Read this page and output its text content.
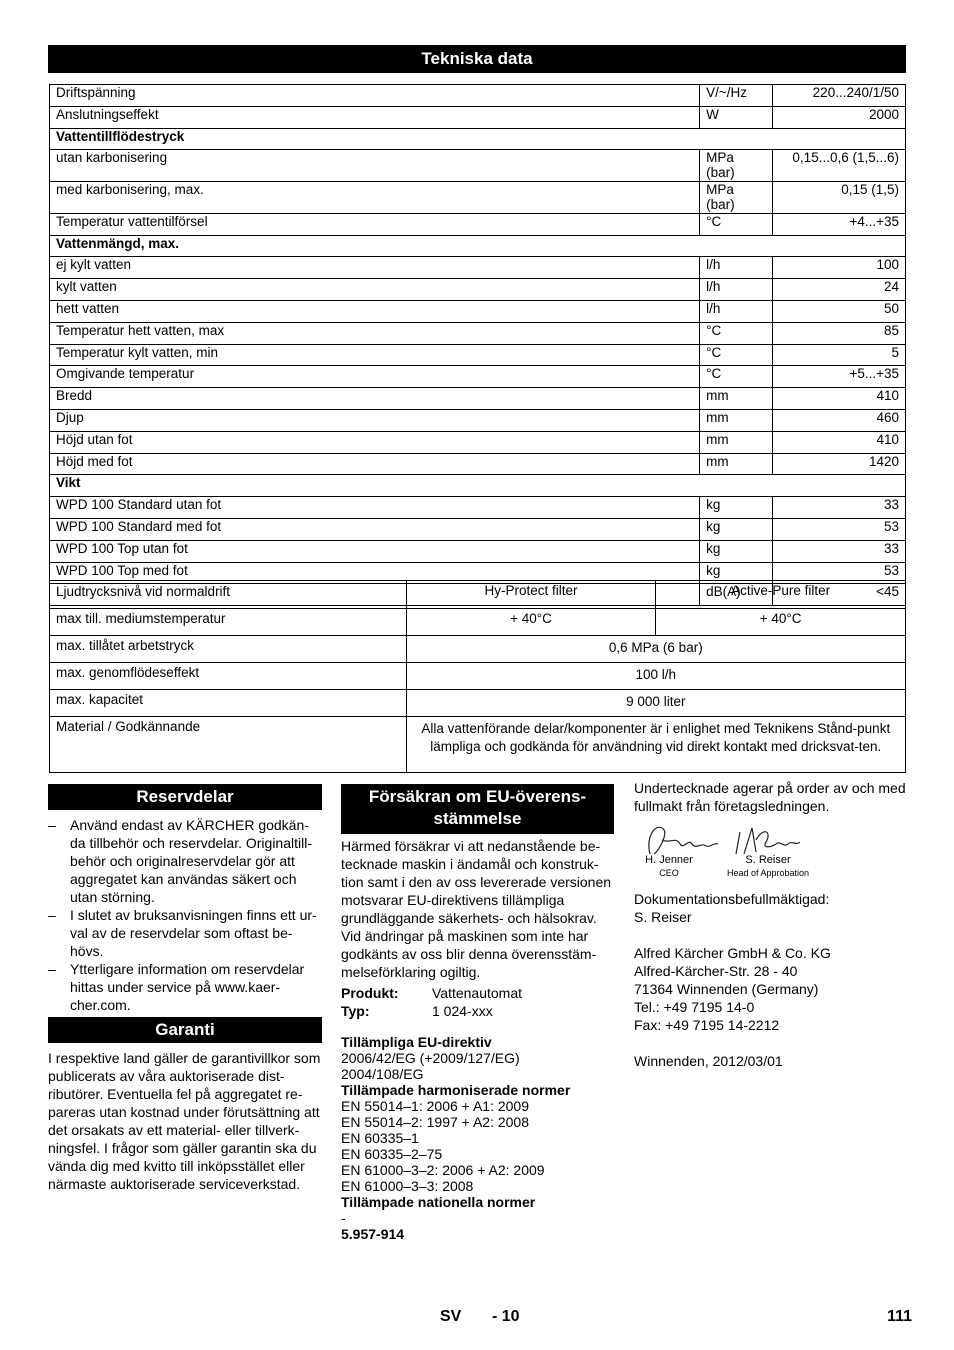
Tekniska data
Driftspänning	V/~/Hz	220...240/1/50
Anslutningseffekt	W	2000
Vattentillflödestryck		
utan karbonisering	MPa (bar)	0,15...0,6 (1,5...6)
med karbonisering, max.	MPa (bar)	0,15 (1,5)
Temperatur vattentilförsel	°C	+4...+35
Vattenmängd, max.		
ej kylt vatten	l/h	100
kylt vatten	l/h	24
hett vatten	l/h	50
Temperatur hett vatten, max	°C	85
Temperatur kylt vatten, min	°C	5
Omgivande temperatur	°C	+5...+35
Bredd	mm	410
Djup	mm	460
Höjd utan fot	mm	410
Höjd med fot	mm	1420
Vikt		
WPD 100 Standard utan fot	kg	33
WPD 100 Standard med fot	kg	53
WPD 100 Top utan fot	kg	33
WPD 100 Top med fot	kg	53
Ljudtrycksnivå vid normaldrift	dB(A)	<45
	Hy-Protect filter	Active-Pure filter
max till. mediumstemperatur	+ 40°C	+ 40°C
max. tillåtet arbetstryck	0,6 MPa (6 bar)	
max. genomflödeseffekt	100 l/h	
max. kapacitet	9 000 liter	
Material / Godkännande	Alla vattenförande delar/komponenter är i enlighet med Teknikens Stånd-punkt lämpliga och godkända för användning vid direkt kontakt med dricksvat-ten.	
Reservdelar

– Använd endast av KÄRCHER godkän-da tillbehör och reservdelar. Originaltill-behör och originalreservdelar gör att aggregatet kan användas säkert och utan störning.

– I slutet av bruksanvisningen finns ett ur-val av de reservdelar som oftast be-hövs.

– Ytterligare information om reservdelar hittas under service på www.kaer-cher.com.

Garanti

I respektive land gäller de garantivillkor som publicerats av våra auktoriserade dist-ributörer. Eventuella fel på aggregatet re-pareras utan kostnad under förutsättning att det orsakats av ett material- eller tillverk-ningsfel. I frågor som gäller garantin ska du vända dig med kvitto till inköpsstället eller närmaste auktoriserade serviceverkstad.

Försäkran om EU-överens-
stämmelse

Härmed försäkrar vi att nedanstående be-tecknade maskin i ändamål och konstruk-tion samt i den av oss levererade versionen motsvarar EU-direktivens tillämpliga grundläggande säkerhets- och hälsokrav. Vid ändringar på maskinen som inte har godkänts av oss blir denna överensstäm-melseförklaring ogiltig.

Produkt: Vattenautomat
Typ:	1 024-xxx
Tillämpliga EU-direktiv
2006/42/EG (+2009/127/EG)
2004/108/EG
Tillämpade harmoniserade normer
EN 55014–1: 2006 + A1: 2009
EN 55014–2: 1997 + A2: 2008
EN 60335–1
EN 60335–2–75
EN 61000–3–2: 2006 + A2: 2009
EN 61000–3–3: 2008
Tillämpade nationella normer
-
5.957-914

Undertecknade agerar på order av och med fullmakt från företagsledningen.

H. Jenner
CEO
S. Reiser
Head of Approbation
Dokumentationsbefullmäktigad:
S. Reiser
Alfred Kärcher GmbH & Co. KG
Alfred-Kärcher-Str. 28 - 40
71364 Winnenden (Germany)
Tel.: +49 7195 14-0
Fax: +49 7195 14-2212
Winnenden, 2012/03/01
SV - 10	111
